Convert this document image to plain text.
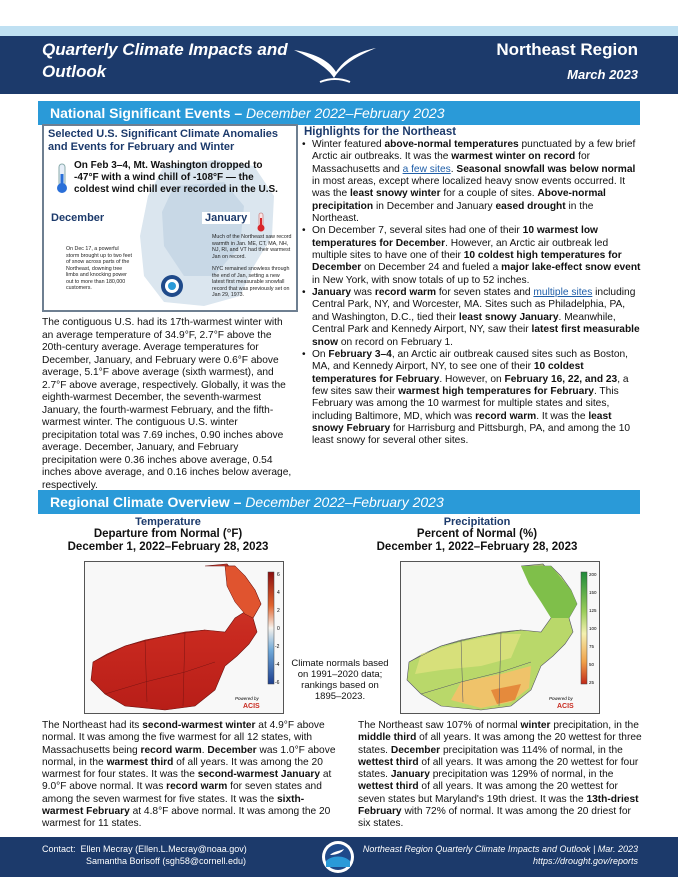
Quarterly Climate Impacts and Outlook
Northeast Region
March 2023
National Significant Events – December 2022–February 2023
Selected U.S. Significant Climate Anomalies
and Events for February and Winter
On Feb 3–4, Mt. Washington dropped to -47°F with a wind chill of -108°F — the coldest wind chill ever recorded in the U.S.
December
On Dec 17, a powerful storm brought up to two feet of snow across parts of the Northeast, downing tree limbs and knocking power out to more than 180,000 customers.
January
Much of the Northeast saw record warmth in Jan. ME, CT, MA, NH, NJ, RI, and VT had their warmest Jan on record.
NYC remained snowless through the end of Jan, setting a new latest first measurable snowfall record that was previously set on Jan 29, 1973.
The contiguous U.S. had its 17th-warmest winter with an average temperature of 34.9°F, 2.7°F above the 20th-century average. Average temperatures for December, January, and February were 0.6°F above average, 5.1°F above average (sixth warmest), and 2.7°F above average, respectively. Globally, it was the eighth-warmest December, the seventh-warmest January, the fourth-warmest February, and the fifth-warmest winter. The contiguous U.S. winter precipitation total was 7.69 inches, 0.90 inches above average. December, January, and February precipitation were 0.36 inches above average, 0.54 inches above average, and 0.16 inches below average, respectively.
Highlights for the Northeast
• Winter featured above-normal temperatures punctuated by a few brief Arctic air outbreaks. It was the warmest winter on record for Massachusetts and a few sites. Seasonal snowfall was below normal in most areas, except where localized heavy snow events occurred. It was the least snowy winter for a couple of sites. Above-normal precipitation in December and January eased drought in the Northeast.
• On December 7, several sites had one of their 10 warmest low temperatures for December. However, an Arctic air outbreak led multiple sites to have one of their 10 coldest high temperatures for December on December 24 and fueled a major lake-effect snow event in New York, with snow totals of up to 52 inches.
• January was record warm for seven states and multiple sites including Central Park, NY, and Worcester, MA. Sites such as Philadelphia, PA, and Washington, D.C., tied their least snowy January. Meanwhile, Central Park and Kennedy Airport, NY, saw their latest first measurable snow on record on February 1.
• On February 3–4, an Arctic air outbreak caused sites such as Boston, MA, and Kennedy Airport, NY, to see one of their 10 coldest temperatures for February. However, on February 16, 22, and 23, a few sites saw their warmest high temperatures for February. This February was among the 10 warmest for multiple states and sites, including Baltimore, MD, which was record warm. It was the least snowy February for Harrisburg and Pittsburgh, PA, and among the 10 least snowy for several other sites.
Regional Climate Overview – December 2022–February 2023
Temperature
Departure from Normal (°F)
December 1, 2022–February 28, 2023
6
4
2
0
-2
-4
-6
Powered by
ACIS
Climate normals based on 1991–2020 data; rankings based on 1895–2023.
Precipitation
Percent of Normal (%)
December 1, 2022–February 28, 2023
200
150
125
100
75
50
25
Powered by
ACIS
The Northeast had its second-warmest winter at 4.9°F above normal. It was among the five warmest for all 12 states, with Massachusetts being record warm. December was 1.0°F above normal, in the warmest third of all years. It was among the 20 warmest for four states. It was the second-warmest January at 9.0°F above normal. It was record warm for seven states and among the seven warmest for five states. It was the sixth-warmest February at 4.8°F above normal. It was among the 20 warmest for 11 states.
The Northeast saw 107% of normal winter precipitation, in the middle third of all years. It was among the 20 wettest for three states. December precipitation was 114% of normal, in the wettest third of all years. It was among the 20 wettest for four states. January precipitation was 129% of normal, in the wettest third of all years. It was among the 20 wettest for seven states but Maryland's 19th driest. It was the 13th-driest February with 72% of normal. It was among the 20 driest for six states.
Contact: Ellen Mecray (Ellen.L.Mecray@noaa.gov)
Samantha Borisoff (sgh58@cornell.edu)
Northeast Region Quarterly Climate Impacts and Outlook | Mar. 2023
https://drought.gov/reports
